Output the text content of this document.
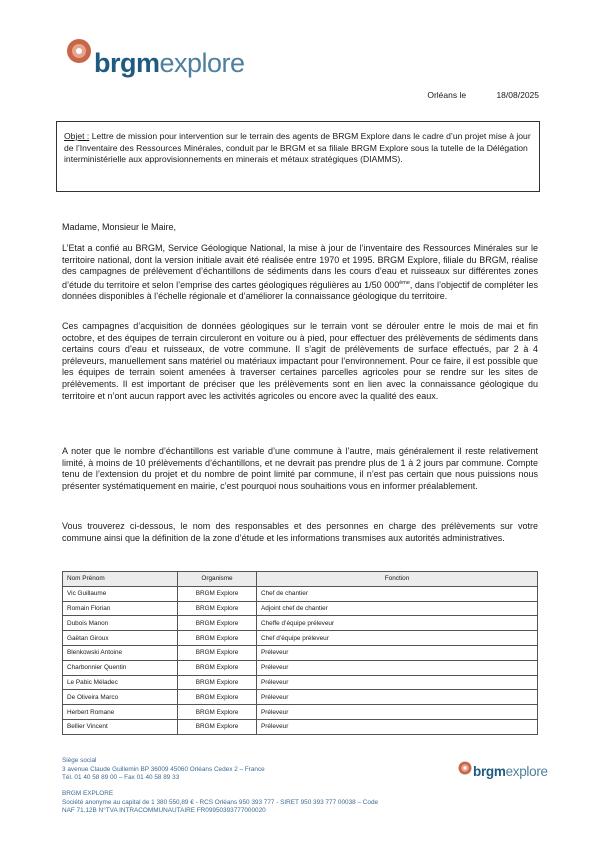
brgmexplore
Orléans le	18/08/2025
Objet : Lettre de mission pour intervention sur le terrain des agents de BRGM Explore dans le cadre d’un projet mise à jour de l’Inventaire des Ressources Minérales, conduit par le BRGM et sa filiale BRGM Explore sous la tutelle de la Délégation interministérielle aux approvisionnements en minerais et métaux stratégiques (DIAMMS).

Madame, Monsieur le Maire,

L’Etat a confié au BRGM, Service Géologique National, la mise à jour de l’inventaire des Ressources Minérales sur le territoire national, dont la version initiale avait été réalisée entre 1970 et 1995. BRGM Explore, filiale du BRGM, réalise des campagnes de prélèvement d’échantillons de sédiments dans les cours d’eau et ruisseaux sur différentes zones d’étude du territoire et selon l’emprise des cartes géologiques régulières au 1/50 000ème, dans l’objectif de compléter les données disponibles à l’échelle régionale et d’améliorer la connaissance géologique du territoire.

Ces campagnes d’acquisition de données géologiques sur le terrain vont se dérouler entre le mois de mai et fin octobre, et des équipes de terrain circuleront en voiture ou à pied, pour effectuer des prélèvements de sédiments dans certains cours d’eau et ruisseaux, de votre commune. Il s’agit de prélèvements de surface effectués, par 2 à 4 préleveurs, manuellement sans matériel ou matériaux impactant pour l’environnement. Pour ce faire, il est possible que les équipes de terrain soient amenées à traverser certaines parcelles agricoles pour se rendre sur les sites de prélèvements. Il est important de préciser que les prélèvements sont en lien avec la connaissance géologique du territoire et n’ont aucun rapport avec les activités agricoles ou encore avec la qualité des eaux.

A noter que le nombre d’échantillons est variable d’une commune à l’autre, mais généralement il reste relativement limité, à moins de 10 prélèvements d’échantillons, et ne devrait pas prendre plus de 1 à 2 jours par commune. Compte tenu de l’extension du projet et du nombre de point limité par commune, il n’est pas certain que nous puissions nous présenter systématiquement en mairie, c’est pourquoi nous souhaitions vous en informer préalablement.

Vous trouverez ci-dessous, le nom des responsables et des personnes en charge des prélèvements sur votre commune ainsi que la définition de la zone d’étude et les informations transmises aux autorités administratives.

Nom Prénom	Organisme	Fonction
Vic Guillaume	BRGM Explore	Chef de chantier
Romain Florian	BRGM Explore	Adjoint chef de chantier
Dubois Manon	BRGM Explore	Cheffe d’équipe préleveur
Gaëtan Giroux	BRGM Explore	Chef d’équipe préleveur
Blenkowski Antoine	BRGM Explore	Préleveur
Charbonnier Quentin	BRGM Explore	Préleveur
Le Pabic Méladec	BRGM Explore	Préleveur
De Oliveira Marco	BRGM Explore	Préleveur
Herbert Romane	BRGM Explore	Préleveur
Bellier Vincent	BRGM Explore	Préleveur
Siège social
3 avenue Claude Guillemin BP 36009 45060 Orléans Cedex 2 – France
Tél. 01 40 58 89 00 – Fax 01 40 58 89 33	brgmexplore
BRGM EXPLORE
Société anonyme au capital de 1 380 550,89 € - RCS Orléans 950 393 777 - SIRET 950 393 777 00038 – Code
NAF 71.12B N°TVA INTRACOMMUNAUTAIRE FR09950393777000020
